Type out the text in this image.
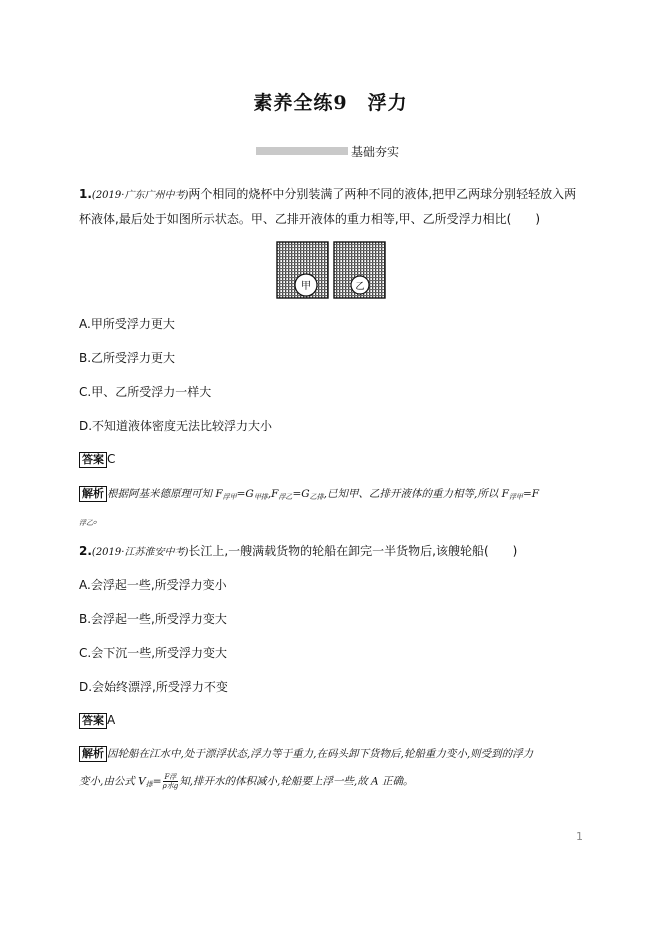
素养全练9　浮力
基础夯实
1.(2019·广东广州中考)两个相同的烧杯中分别装满了两种不同的液体,把甲乙两球分别轻轻放入两
杯液体,最后处于如图所示状态。甲、乙排开液体的重力相等,甲、乙所受浮力相比(　　)
甲	乙
A.甲所受浮力更大
B.乙所受浮力更大
C.甲、乙所受浮力一样大
D.不知道液体密度无法比较浮力大小
答案 C
解析 根据阿基米德原理可知 $F_{浮甲}=G_{甲排},F_{浮乙}=G_{乙排}$,已知甲、乙排开液体的重力相等,所以 $F_{浮甲}=F$
$_{浮乙}$。
2.(2019·江苏淮安中考)长江上,一艘满载货物的轮船在卸完一半货物后,该艘轮船(　　)
A.会浮起一些,所受浮力变小
B.会浮起一些,所受浮力变大
C.会下沉一些,所受浮力变大
D.会始终漂浮,所受浮力不变
答案 A
解析 因轮船在江水中,处于漂浮状态,浮力等于重力,在码头卸下货物后,轮船重力变小,则受到的浮力
变小,由公式 $V_排= \frac{\text{F浮}}{\text{ρ水g}}$ 知,排开水的体积减小,轮船要上浮一些,故 A 正确。
1
